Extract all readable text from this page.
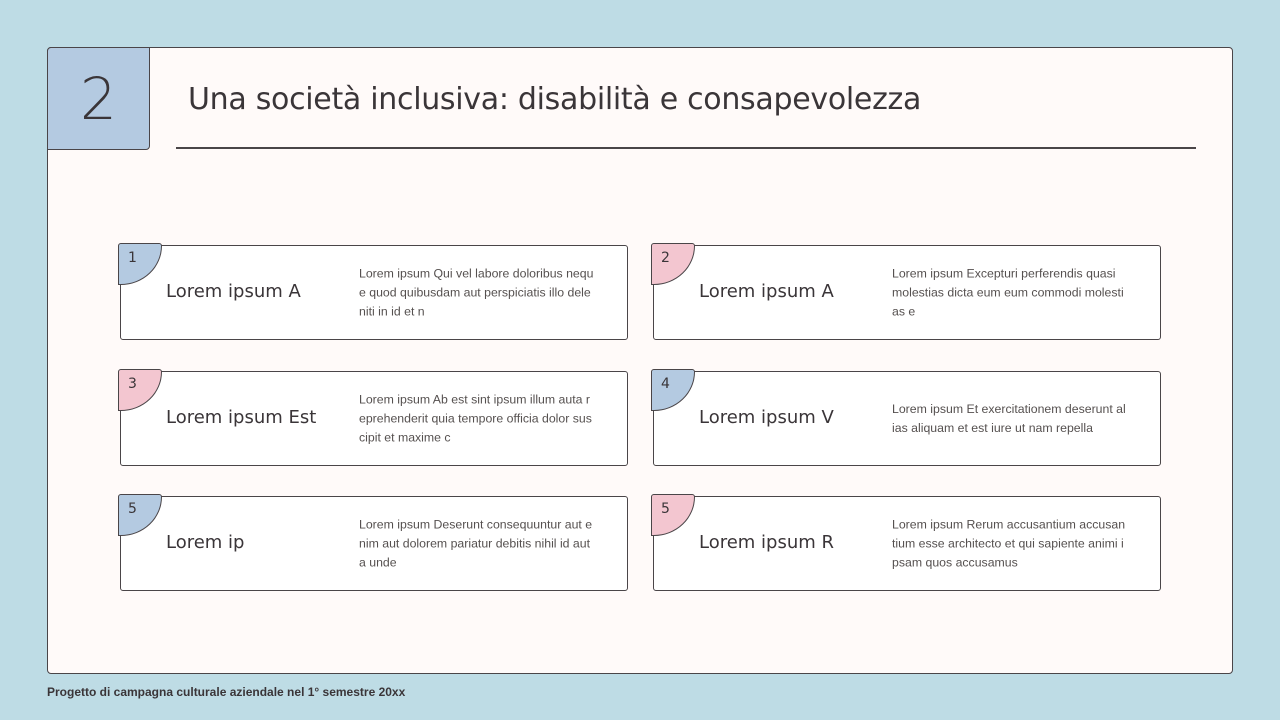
2	Una società inclusiva: disabilità e consapevolezza
1
Lorem ipsum A
Lorem ipsum Qui vel labore doloribus neque quod quibusdam aut perspiciatis illo deleniti in id et n
2
Lorem ipsum A
Lorem ipsum Excepturi perferendis quasi molestias dicta eum eum commodi molestias e
3
Lorem ipsum Est
Lorem ipsum Ab est sint ipsum illum auta reprehenderit quia tempore officia dolor suscipit et maxime c
4
Lorem ipsum V	Lorem ipsum Et exercitationem deserunt alias aliquam et est iure ut nam repella
5
Lorem ip
Lorem ipsum Deserunt consequuntur aut enim aut dolorem pariatur debitis nihil id aut a unde
5
Lorem ipsum R
Lorem ipsum Rerum accusantium accusantium esse architecto et qui sapiente animi ipsam quos accusamus
Progetto di campagna culturale aziendale nel 1° semestre 20xx
